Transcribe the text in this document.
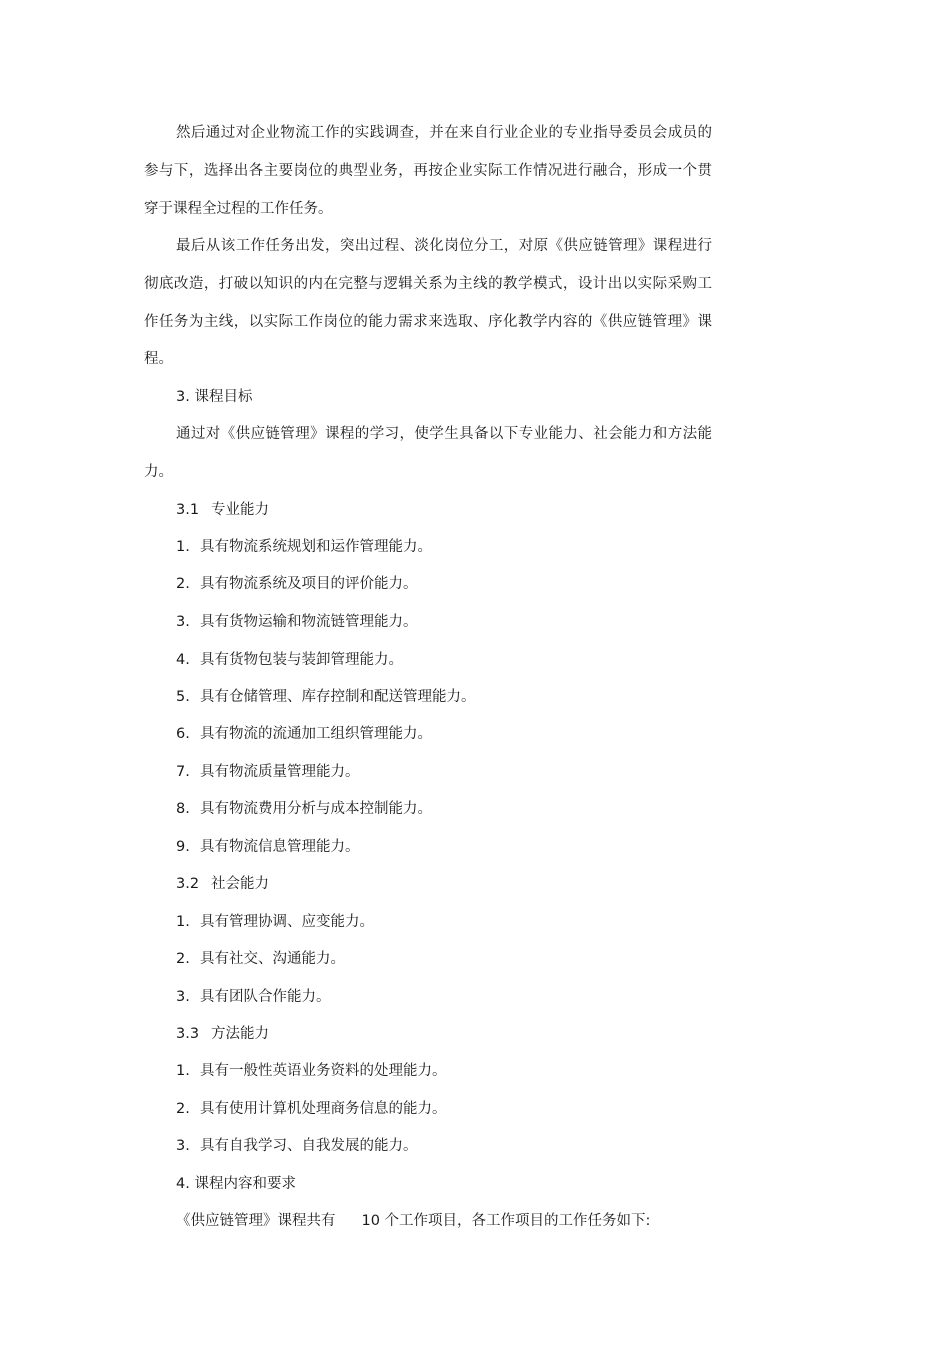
然后通过对企业物流工作的实践调查，并在来自行业企业的专业指导委员会成员的
参与下，选择出各主要岗位的典型业务，再按企业实际工作情况进行融合，形成一个贯
穿于课程全过程的工作任务。
最后从该工作任务出发，突出过程、淡化岗位分工，对原《供应链管理》课程进行
彻底改造，打破以知识的内在完整与逻辑关系为主线的教学模式，设计出以实际采购工
作任务为主线，以实际工作岗位的能力需求来选取、序化教学内容的《供应链管理》课
程。
3. 课程目标
通过对《供应链管理》课程的学习，使学生具备以下专业能力、社会能力和方法能
力。
3.1 专业能力
1. 具有物流系统规划和运作管理能力。
2. 具有物流系统及项目的评价能力。
3. 具有货物运输和物流链管理能力。
4. 具有货物包装与装卸管理能力。
5. 具有仓储管理、库存控制和配送管理能力。
6. 具有物流的流通加工组织管理能力。
7. 具有物流质量管理能力。
8. 具有物流费用分析与成本控制能力。
9. 具有物流信息管理能力。
3.2 社会能力
1. 具有管理协调、应变能力。
2. 具有社交、沟通能力。
3. 具有团队合作能力。
3.3 方法能力
1. 具有一般性英语业务资料的处理能力。
2. 具有使用计算机处理商务信息的能力。
3. 具有自我学习、自我发展的能力。
4. 课程内容和要求
《供应链管理》课程共有 10 个工作项目，各工作项目的工作任务如下:
